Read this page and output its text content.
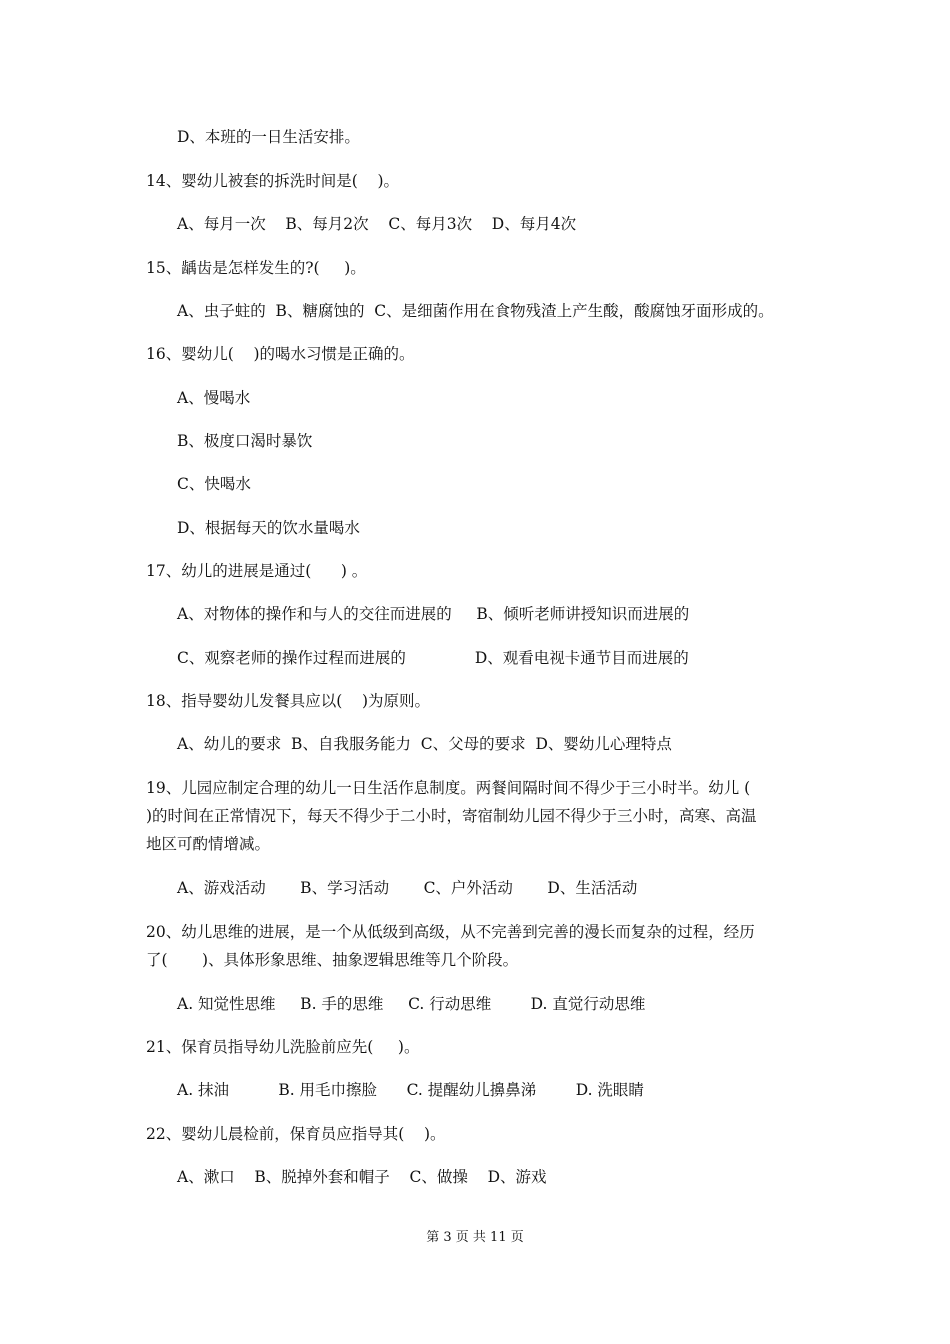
D、本班的一日生活安排。
14、婴幼儿被套的拆洗时间是(    )。
A、每月一次    B、每月2次    C、每月3次    D、每月4次
15、龋齿是怎样发生的?(     )。
A、虫子蛀的  B、糖腐蚀的  C、是细菌作用在食物残渣上产生酸，酸腐蚀牙面形成的。
16、婴幼儿(    )的喝水习惯是正确的。
A、慢喝水
B、极度口渴时暴饮
C、快喝水
D、根据每天的饮水量喝水
17、幼儿的进展是通过(      ) 。
A、对物体的操作和与人的交往而进展的     B、倾听老师讲授知识而进展的
C、观察老师的操作过程而进展的              D、观看电视卡通节目而进展的
18、指导婴幼儿发餐具应以(    )为原则。
A、幼儿的要求  B、自我服务能力  C、父母的要求  D、婴幼儿心理特点
19、儿园应制定合理的幼儿一日生活作息制度。两餐间隔时间不得少于三小时半。幼儿 (
)的时间在正常情况下，每天不得少于二小时，寄宿制幼儿园不得少于三小时，高寒、高温
地区可酌情增减。
A、游戏活动       B、学习活动       C、户外活动       D、生活活动
20、幼儿思维的进展，是一个从低级到高级，从不完善到完善的漫长而复杂的过程，经历
了(       )、具体形象思维、抽象逻辑思维等几个阶段。
A. 知觉性思维     B. 手的思维     C. 行动思维        D. 直觉行动思维
21、保育员指导幼儿洗脸前应先(     )。
A. 抹油          B. 用毛巾擦脸      C. 提醒幼儿擤鼻涕        D. 洗眼睛
22、婴幼儿晨检前，保育员应指导其(    )。
A、漱口    B、脱掉外套和帽子    C、做操    D、游戏
第 3 页 共 11 页
